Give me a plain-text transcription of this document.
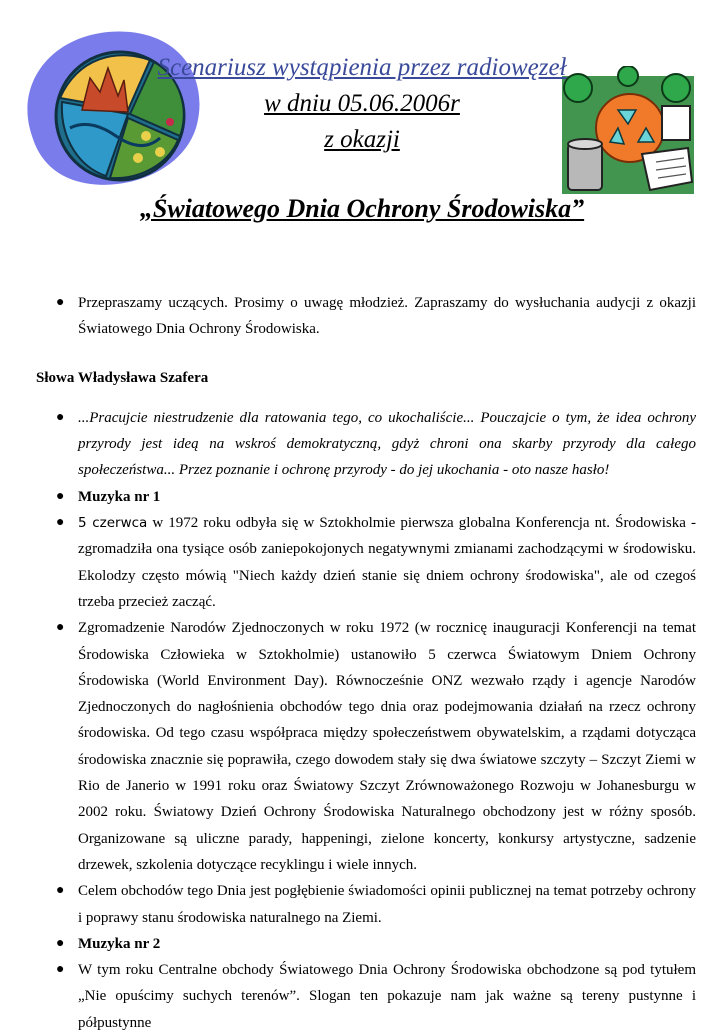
Scenariusz wystąpienia przez radiowęzeł
w dniu 05.06.2006r
z okazji
„Światowego Dnia Ochrony Środowiska”
● Przepraszamy uczących. Prosimy o uwagę młodzież. Zapraszamy do wysłuchania audycji z okazji Światowego Dnia Ochrony Środowiska.
Słowa Władysława Szafera
● ...Pracujcie niestrudzenie dla ratowania tego, co ukochaliście... Pouczajcie o tym, że idea ochrony przyrody jest ideą na wskroś demokratyczną, gdyż chroni ona skarby przyrody dla całego społeczeństwa... Przez poznanie i ochronę przyrody - do jej ukochania - oto nasze hasło!
● Muzyka nr 1
● 5 czerwca w 1972 roku odbyła się w Sztokholmie pierwsza globalna Konferencja nt. Środowiska - zgromadziła ona tysiące osób zaniepokojonych negatywnymi zmianami zachodzącymi w środowisku. Ekolodzy często mówią "Niech każdy dzień stanie się dniem ochrony środowiska", ale od czegoś trzeba przecież zacząć.
● Zgromadzenie Narodów Zjednoczonych w roku 1972 (w rocznicę inauguracji Konferencji na temat Środowiska Człowieka w Sztokholmie) ustanowiło 5 czerwca Światowym Dniem Ochrony Środowiska (World Environment Day). Równocześnie ONZ wezwało rządy i agencje Narodów Zjednoczonych do nagłośnienia obchodów tego dnia oraz podejmowania działań na rzecz ochrony środowiska. Od tego czasu współpraca między społeczeństwem obywatelskim, a rządami dotycząca środowiska znacznie się poprawiła, czego dowodem stały się dwa światowe szczyty – Szczyt Ziemi w Rio de Janerio w 1991 roku oraz Światowy Szczyt Zrównoważonego Rozwoju w Johanesburgu w 2002 roku. Światowy Dzień Ochrony Środowiska Naturalnego obchodzony jest w różny sposób. Organizowane są uliczne parady, happeningi, zielone koncerty, konkursy artystyczne, sadzenie drzewek, szkolenia dotyczące recyklingu i wiele innych.
● Celem obchodów tego Dnia jest pogłębienie świadomości opinii publicznej na temat potrzeby ochrony i poprawy stanu środowiska naturalnego na Ziemi.
● Muzyka nr 2
● W tym roku Centralne obchody Światowego Dnia Ochrony Środowiska obchodzone są pod tytułem „Nie opuścimy suchych terenów”. Slogan ten pokazuje nam jak ważne są tereny pustynne i półpustynne
